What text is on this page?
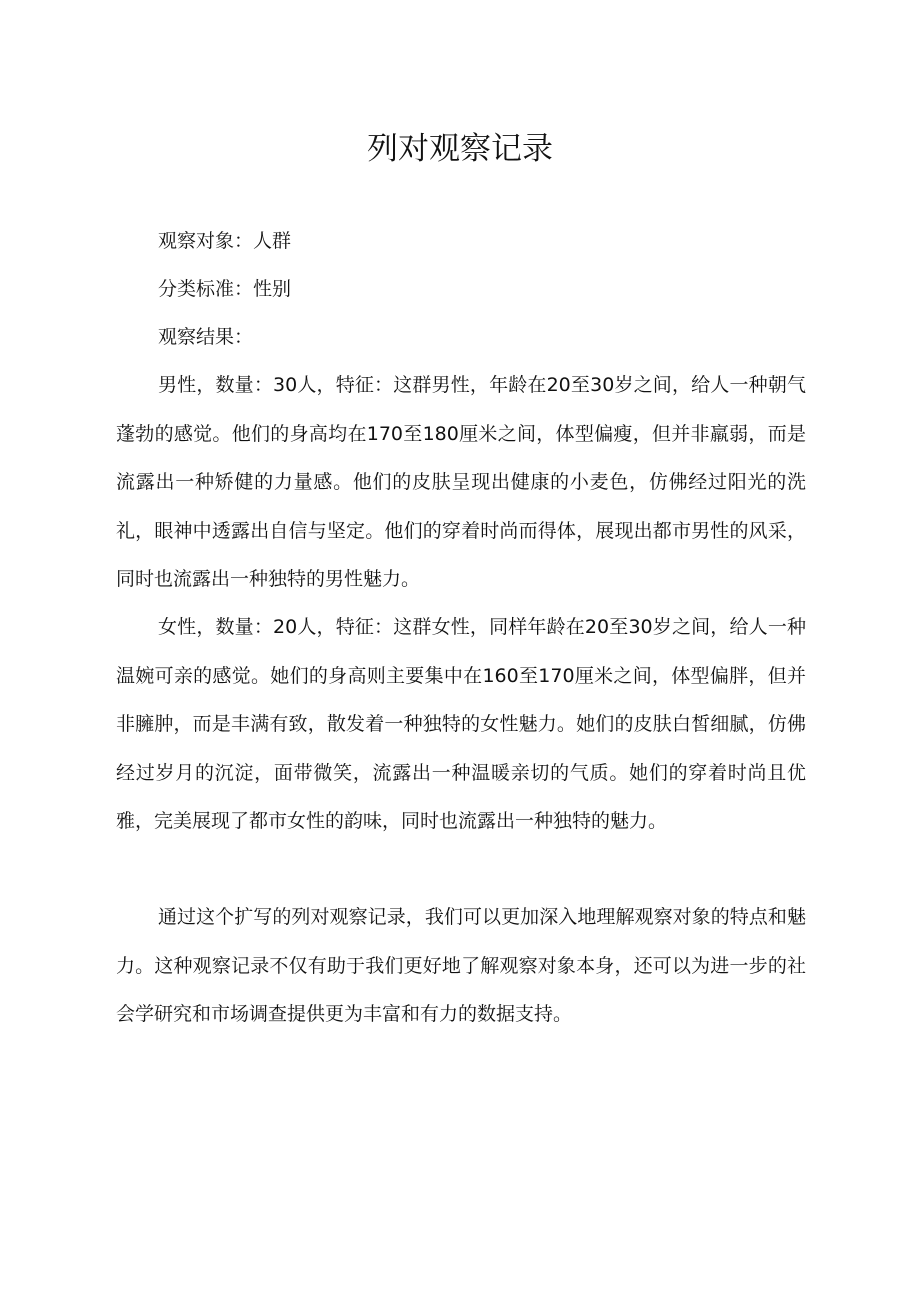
列对观察记录

观察对象：人群

分类标准：性别

观察结果：

男性，数量：30人，特征：这群男性，年龄在20至30岁之间，给人一种朝气蓬勃的感觉。他们的身高均在170至180厘米之间，体型偏瘦，但并非羸弱，而是流露出一种矫健的力量感。他们的皮肤呈现出健康的小麦色，仿佛经过阳光的洗礼，眼神中透露出自信与坚定。他们的穿着时尚而得体，展现出都市男性的风采，同时也流露出一种独特的男性魅力。

女性，数量：20人，特征：这群女性，同样年龄在20至30岁之间，给人一种温婉可亲的感觉。她们的身高则主要集中在160至170厘米之间，体型偏胖，但并非臃肿，而是丰满有致，散发着一种独特的女性魅力。她们的皮肤白皙细腻，仿佛经过岁月的沉淀，面带微笑，流露出一种温暖亲切的气质。她们的穿着时尚且优雅，完美展现了都市女性的韵味，同时也流露出一种独特的魅力。

通过这个扩写的列对观察记录，我们可以更加深入地理解观察对象的特点和魅力。这种观察记录不仅有助于我们更好地了解观察对象本身，还可以为进一步的社会学研究和市场调查提供更为丰富和有力的数据支持。
